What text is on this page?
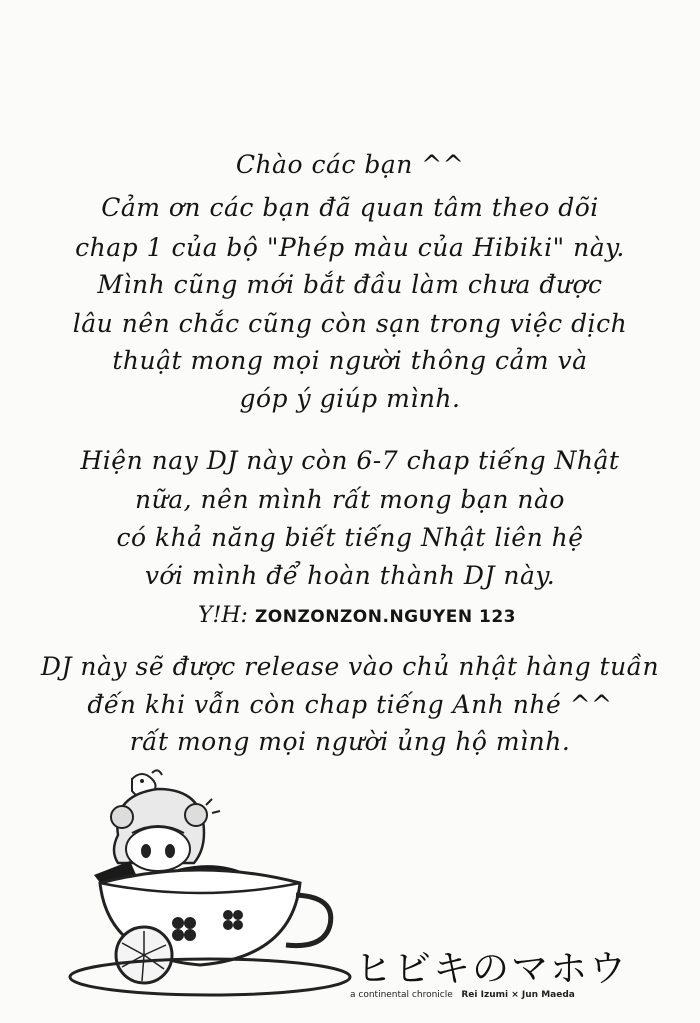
Chào các bạn ^^
Cảm ơn các bạn đã quan tâm theo dõi
chap 1 của bộ "Phép màu của Hibiki" này.
Mình cũng mới bắt đầu làm chưa được
lâu nên chắc cũng còn sạn trong việc dịch
thuật mong mọi người thông cảm và
góp ý giúp mình.
Hiện nay DJ này còn 6-7 chap tiếng Nhật
nữa, nên mình rất mong bạn nào
có khả năng biết tiếng Nhật liên hệ
với mình để hoàn thành DJ này.
Y!H: ZONZONZON.NGUYEN 123
DJ này sẽ được release vào chủ nhật hàng tuần
đến khi vẫn còn chap tiếng Anh nhé ^^
rất mong mọi người ủng hộ mình.
ヒビキのマホウ
a continental chronicle Rei Izumi × Jun Maeda
